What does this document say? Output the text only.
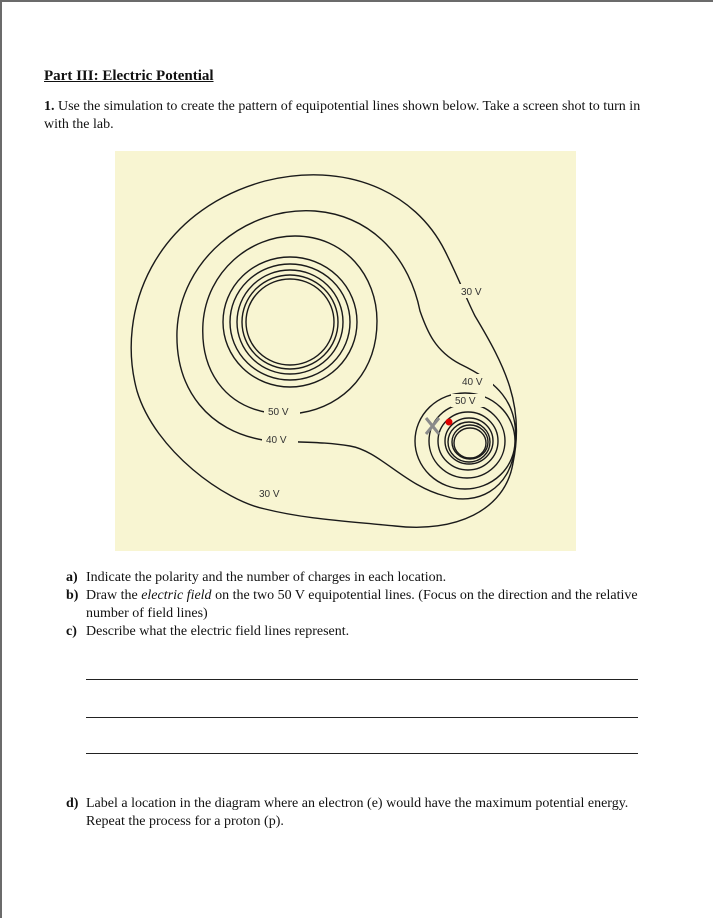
Part III: Electric Potential
1. Use the simulation to create the pattern of equipotential lines shown below. Take a screen shot to turn in with the lab.
30 V
40 V
50 V
50 V
40 V
30 V
a) Indicate the polarity and the number of charges in each location.
b) Draw the electric field on the two 50 V equipotential lines. (Focus on the direction and the relative number of field lines)
c) Describe what the electric field lines represent.
d) Label a location in the diagram where an electron (e) would have the maximum potential energy. Repeat the process for a proton (p).
